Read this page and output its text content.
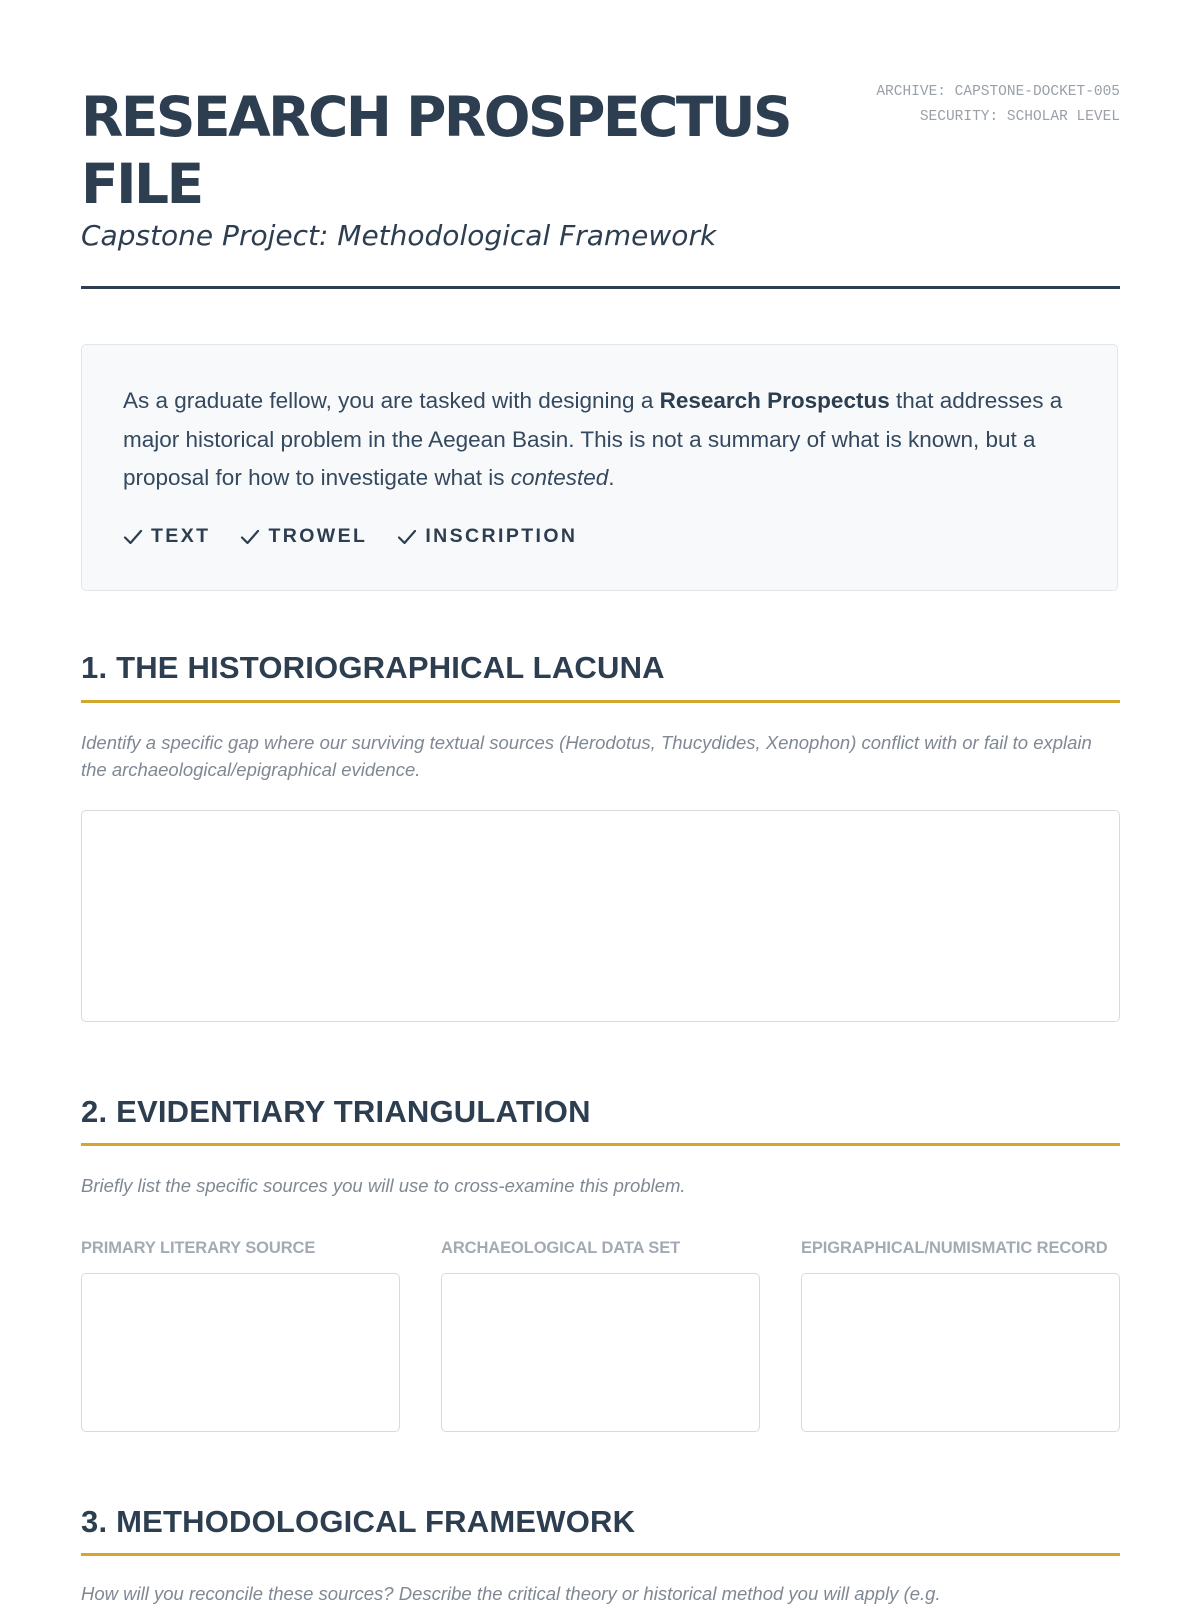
RESEARCH PROSPECTUS FILE
ARCHIVE: CAPSTONE-DOCKET-005
SECURITY: SCHOLAR LEVEL

Capstone Project: Methodological Framework

As a graduate fellow, you are tasked with designing a Research Prospectus that addresses a major historical problem in the Aegean Basin. This is not a summary of what is known, but a proposal for how to investigate what is contested.

TEXT	TROWEL	INSCRIPTION
1. THE HISTORIOGRAPHICAL LACUNA

Identify a specific gap where our surviving textual sources (Herodotus, Thucydides, Xenophon) conflict with or fail to explain the archaeological/epigraphical evidence.

2. EVIDENTIARY TRIANGULATION

Briefly list the specific sources you will use to cross-examine this problem.

PRIMARY LITERARY SOURCE	ARCHAEOLOGICAL DATA SET	EPIGRAPHICAL/NUMISMATIC RECORD
3. METHODOLOGICAL FRAMEWORK

How will you reconcile these sources? Describe the critical theory or historical method you will apply (e.g.
